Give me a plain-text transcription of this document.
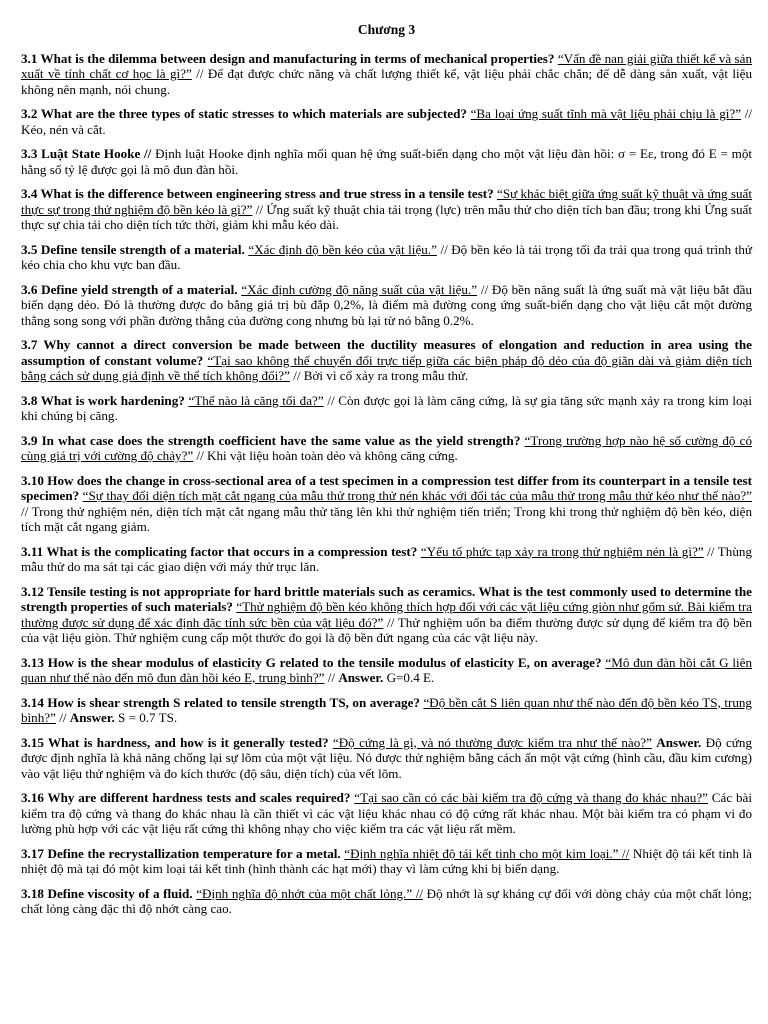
Chương 3

3.1 What is the dilemma between design and manufacturing in terms of mechanical properties? “Vấn đề nan giải giữa thiết kế và sản xuất về tính chất cơ học là gì?” // Để đạt được chức năng và chất lượng thiết kế, vật liệu phải chắc chắn; để dễ dàng sản xuất, vật liệu không nên mạnh, nói chung.

3.2 What are the three types of static stresses to which materials are subjected? “Ba loại ứng suất tĩnh mà vật liệu phải chịu là gì?” // Kéo, nén và cắt.

3.3 Luật State Hooke // Định luật Hooke định nghĩa mối quan hệ ứng suất-biến dạng cho một vật liệu đàn hồi: σ = Eε, trong đó E = một hằng số tỷ lệ được gọi là mô đun đàn hồi.

3.4 What is the difference between engineering stress and true stress in a tensile test? “Sự khác biệt giữa ứng suất kỹ thuật và ứng suất thực sự trong thử nghiệm độ bền kéo là gì?” // Ứng suất kỹ thuật chia tải trọng (lực) trên mẫu thử cho diện tích ban đầu; trong khi Ứng suất thực sự chia tải cho diện tích tức thời, giảm khi mẫu kéo dài.

3.5 Define tensile strength of a material. “Xác định độ bền kéo của vật liệu.” // Độ bền kéo là tải trọng tối đa trải qua trong quá trình thử kéo chia cho khu vực ban đầu.

3.6 Define yield strength of a material. “Xác định cường độ năng suất của vật liệu.” // Độ bền năng suất là ứng suất mà vật liệu bắt đầu biến dạng dẻo. Đó là thường được đo bằng giá trị bù đắp 0,2%, là điểm mà đường cong ứng suất-biến dạng cho vật liệu cắt một đường thẳng song song với phần đường thẳng của đường cong nhưng bù lại từ nó bằng 0.2%.

3.7 Why cannot a direct conversion be made between the ductility measures of elongation and reduction in area using the assumption of constant volume? “Tại sao không thể chuyển đổi trực tiếp giữa các biện pháp độ dẻo của độ giãn dài và giảm diện tích bằng cách sử dụng giả định về thể tích không đổi?” // Bởi vì cổ xảy ra trong mẫu thử.

3.8 What is work hardening? “Thế nào là căng tối đa?” // Còn được gọi là làm căng cứng, là sự gia tăng sức mạnh xảy ra trong kim loại khi chúng bị căng.

3.9 In what case does the strength coefficient have the same value as the yield strength? “Trong trường hợp nào hệ số cường độ có cùng giá trị với cường độ chảy?” // Khi vật liệu hoàn toàn dẻo và không căng cứng.

3.10 How does the change in cross-sectional area of a test specimen in a compression test differ from its counterpart in a tensile test specimen? “Sự thay đổi diện tích mặt cắt ngang của mẫu thử trong thử nén khác với đối tác của mẫu thử trong mẫu thử kéo như thế nào?” // Trong thử nghiệm nén, diện tích mặt cắt ngang mẫu thử tăng lên khi thử nghiệm tiến triển; Trong khi trong thử nghiệm độ bền kéo, diện tích mặt cắt ngang giảm.

3.11 What is the complicating factor that occurs in a compression test? “Yếu tố phức tạp xảy ra trong thử nghiệm nén là gì?” // Thùng mẫu thử do ma sát tại các giao diện với máy thử trục lăn.

3.12 Tensile testing is not appropriate for hard brittle materials such as ceramics. What is the test commonly used to determine the strength properties of such materials? “Thử nghiệm độ bền kéo không thích hợp đối với các vật liệu cứng giòn như gốm sứ. Bài kiểm tra thường được sử dụng để xác định đặc tính sức bền của vật liệu đó?” // Thử nghiệm uốn ba điểm thường được sử dụng để kiểm tra độ bền của vật liệu giòn. Thử nghiệm cung cấp một thước đo gọi là độ bền đứt ngang của các vật liệu này.

3.13 How is the shear modulus of elasticity G related to the tensile modulus of elasticity E, on average? “Mô đun đàn hồi cắt G liên quan như thế nào đến mô đun đàn hồi kéo E, trung bình?” // Answer. G=0.4 E.

3.14 How is shear strength S related to tensile strength TS, on average? “Độ bền cắt S liên quan như thế nào đến độ bền kéo TS, trung bình?” // Answer. S = 0.7 TS.

3.15 What is hardness, and how is it generally tested? “Độ cứng là gì, và nó thường được kiểm tra như thế nào?” Answer. Độ cứng được định nghĩa là khả năng chống lại sự lõm của một vật liệu. Nó được thử nghiệm bằng cách ấn một vật cứng (hình cầu, đầu kim cương) vào vật liệu thử nghiệm và đo kích thước (độ sâu, diện tích) của vết lõm.

3.16 Why are different hardness tests and scales required? “Tại sao cần có các bài kiểm tra độ cứng và thang đo khác nhau?” Các bài kiểm tra độ cứng và thang đo khác nhau là cần thiết vì các vật liệu khác nhau có độ cứng rất khác nhau. Một bài kiểm tra có phạm vi đo lường phù hợp với các vật liệu rất cứng thì không nhạy cho việc kiểm tra các vật liệu rất mềm.

3.17 Define the recrystallization temperature for a metal. “Định nghĩa nhiệt độ tái kết tinh cho một kim loại.” // Nhiệt độ tái kết tinh là nhiệt độ mà tại đó một kim loại tái kết tinh (hình thành các hạt mới) thay vì làm cứng khi bị biến dạng.

3.18 Define viscosity of a fluid. “Định nghĩa độ nhớt của một chất lỏng.” // Độ nhớt là sự kháng cự đối với dòng chảy của một chất lỏng; chất lỏng càng đặc thì độ nhớt càng cao.
